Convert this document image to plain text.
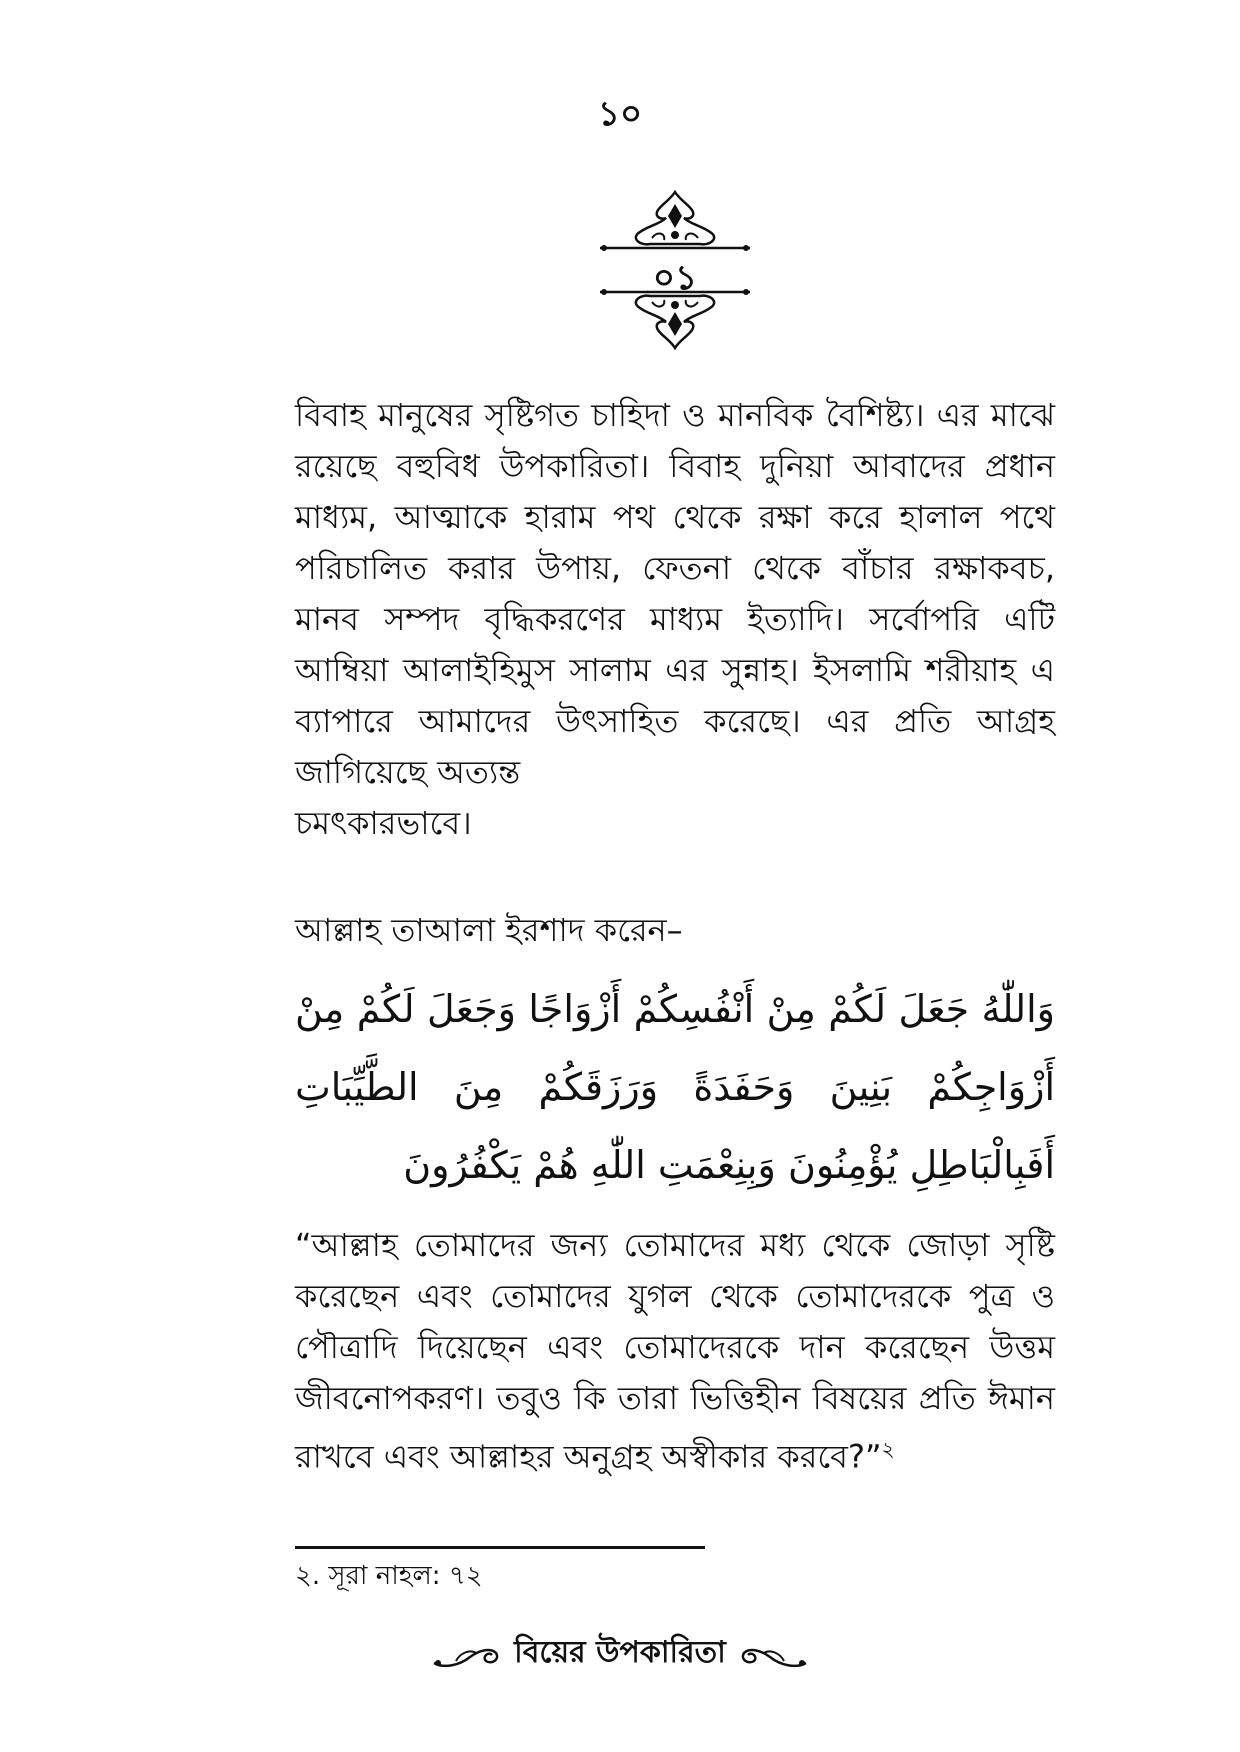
১০
০১
বিবাহ মানুষের সৃষ্টিগত চাহিদা ও মানবিক বৈশিষ্ট্য। এর মাঝে রয়েছে বহুবিধ উপকারিতা। বিবাহ দুনিয়া আবাদের প্রধান মাধ্যম, আত্মাকে হারাম পথ থেকে রক্ষা করে হালাল পথে পরিচালিত করার উপায়, ফেতনা থেকে বাঁচার রক্ষাকবচ, মানব সম্পদ বৃদ্ধিকরণের মাধ্যম ইত্যাদি। সর্বোপরি এটি আম্বিয়া আলাইহিমুস সালাম এর সুন্নাহ। ইসলামি শরীয়াহ এ ব্যাপারে আমাদের উৎসাহিত করেছে। এর প্রতি আগ্রহ জাগিয়েছে অত্যন্ত
চমৎকারভাবে।
আল্লাহ তাআলা ইরশাদ করেন–
وَاللّٰهُ جَعَلَ لَكُمْ مِنْ أَنْفُسِكُمْ أَزْوَاجًا وَجَعَلَ لَكُمْ مِنْ أَزْوَاجِكُمْ بَنِينَ وَحَفَدَةً وَرَزَقَكُمْ مِنَ الطَّيِّبَاتِ أَفَبِالْبَاطِلِ يُؤْمِنُونَ وَبِنِعْمَتِ اللّٰهِ هُمْ يَكْفُرُونَ
“আল্লাহ তোমাদের জন্য তোমাদের মধ্য থেকে জোড়া সৃষ্টি করেছেন এবং তোমাদের যুগল থেকে তোমাদেরকে পুত্র ও পৌত্রাদি দিয়েছেন এবং তোমাদেরকে দান করেছেন উত্তম জীবনোপকরণ। তবুও কি তারা ভিত্তিহীন বিষয়ের প্রতি ঈমান রাখবে এবং আল্লাহর অনুগ্রহ অস্বীকার করবে?”$^২$
২. সূরা নাহল: ৭২
বিয়ের উপকারিতা
